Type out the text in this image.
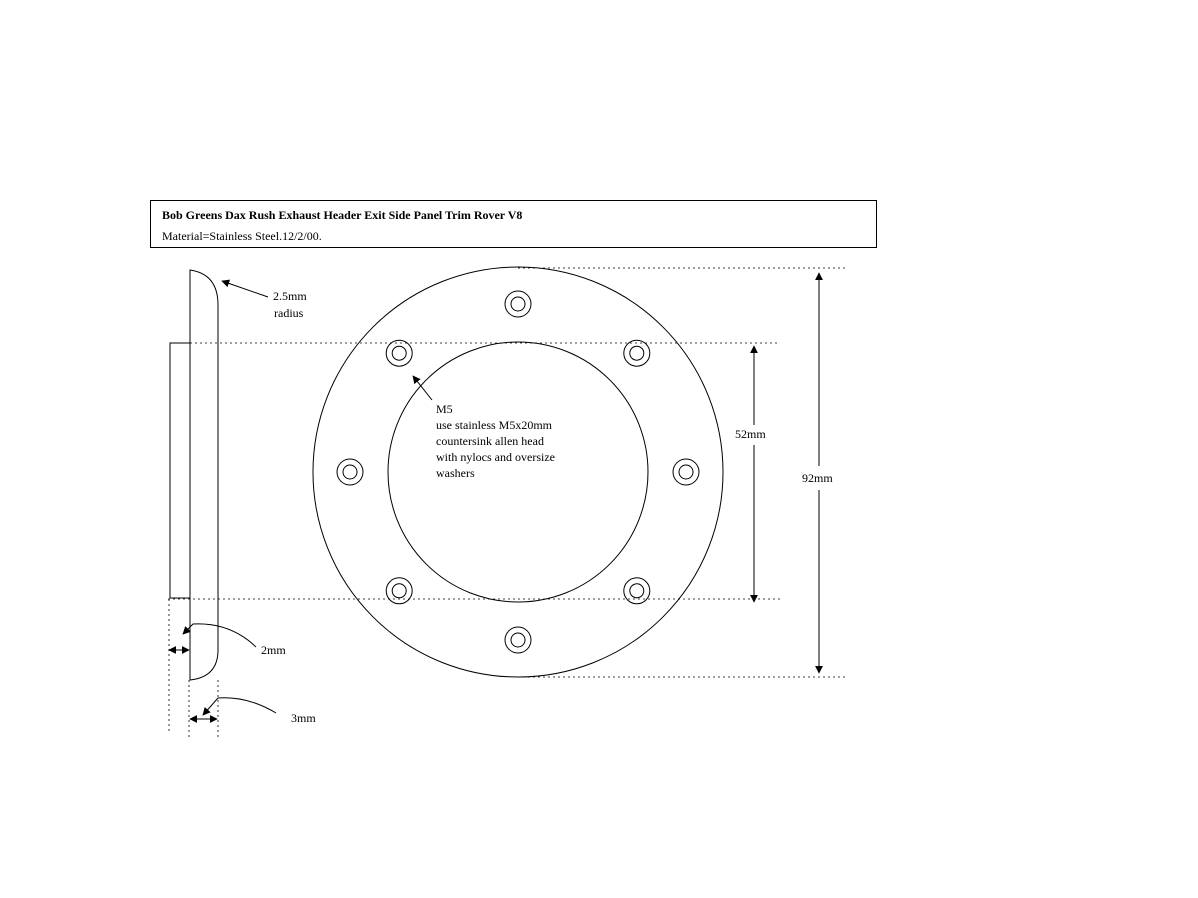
Bob Greens Dax Rush Exhaust Header Exit Side Panel Trim Rover V8
Material=Stainless Steel.12/2/00.
2.5mm
radius
2mm
3mm
52mm
92mm
M5
use stainless M5x20mm
countersink allen head
with nylocs and oversize
washers
